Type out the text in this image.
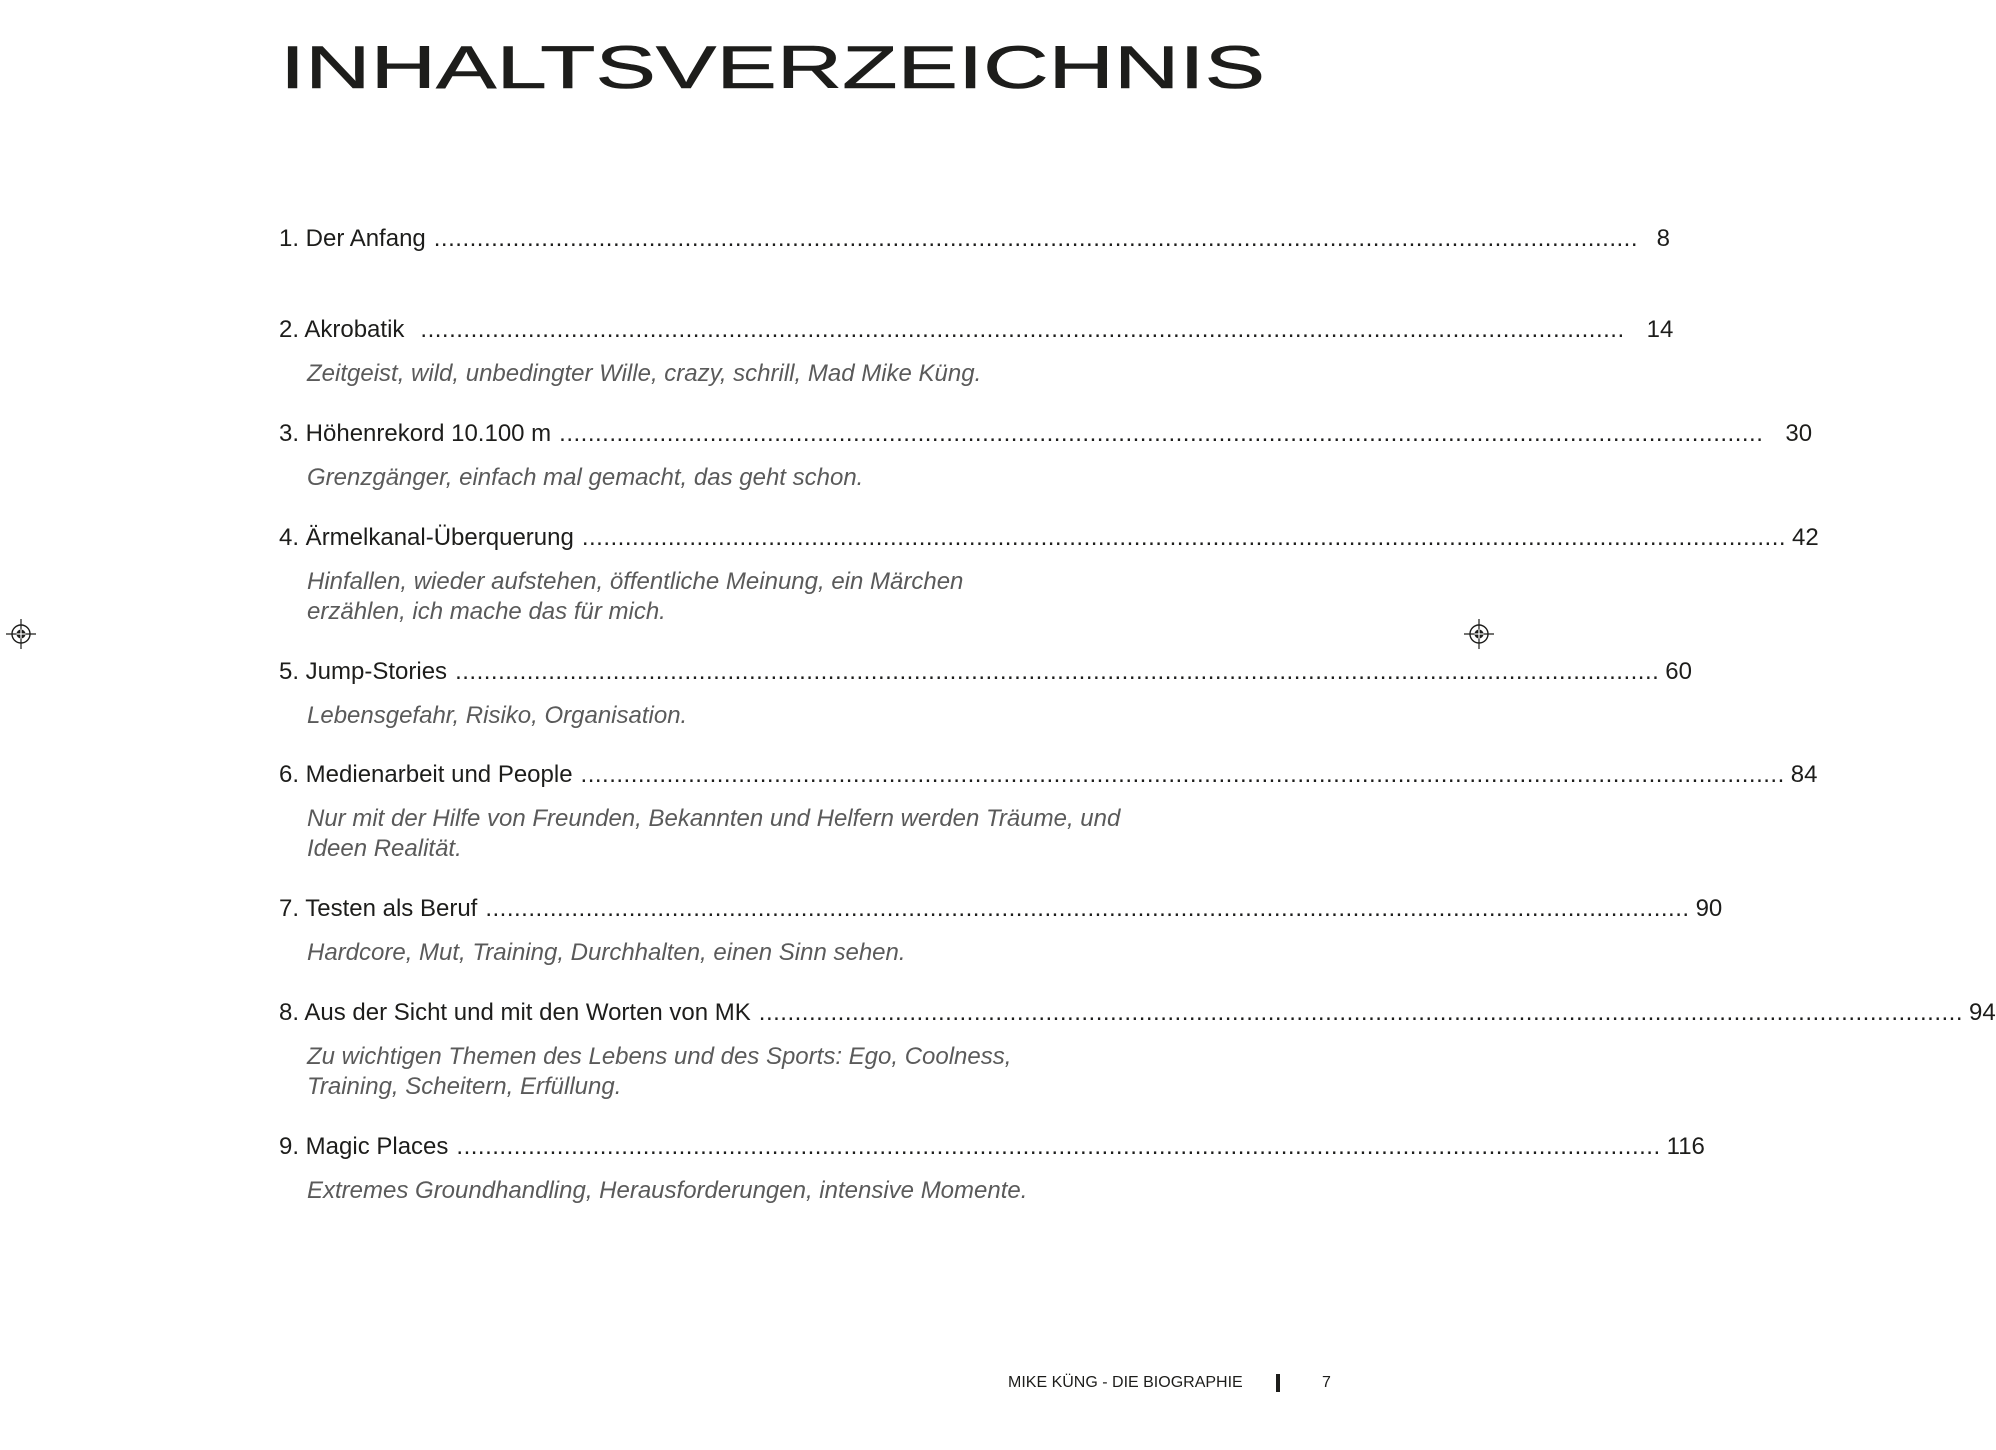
INHALTSVERZEICHNIS
1. Der Anfang ........................................................................................................................................................................ 8
2. Akrobatik ........................................................................................................................................................................ 14
Zeitgeist, wild, unbedingter Wille, crazy, schrill, Mad Mike Küng.
3. Höhenrekord 10.100 m ........................................................................................................................................................................ 30
Grenzgänger, einfach mal gemacht, das geht schon.
4. Ärmelkanal-Überquerung ........................................................................................................................................................................ 42
Hinfallen, wieder aufstehen, öffentliche Meinung, ein Märchen erzählen, ich mache das für mich.
5. Jump-Stories ........................................................................................................................................................................ 60
Lebensgefahr, Risiko, Organisation.
6. Medienarbeit und People ........................................................................................................................................................................ 84
Nur mit der Hilfe von Freunden, Bekannten und Helfern werden Träume, und Ideen Realität.
7. Testen als Beruf ........................................................................................................................................................................ 90
Hardcore, Mut, Training, Durchhalten, einen Sinn sehen.
8. Aus der Sicht und mit den Worten von MK ........................................................................................................................................................................ 94
Zu wichtigen Themen des Lebens und des Sports: Ego, Coolness, Training, Scheitern, Erfüllung.
9. Magic Places ........................................................................................................................................................................ 116
Extremes Groundhandling, Herausforderungen, intensive Momente.
MIKE KÜNG - DIE BIOGRAPHIE	7
